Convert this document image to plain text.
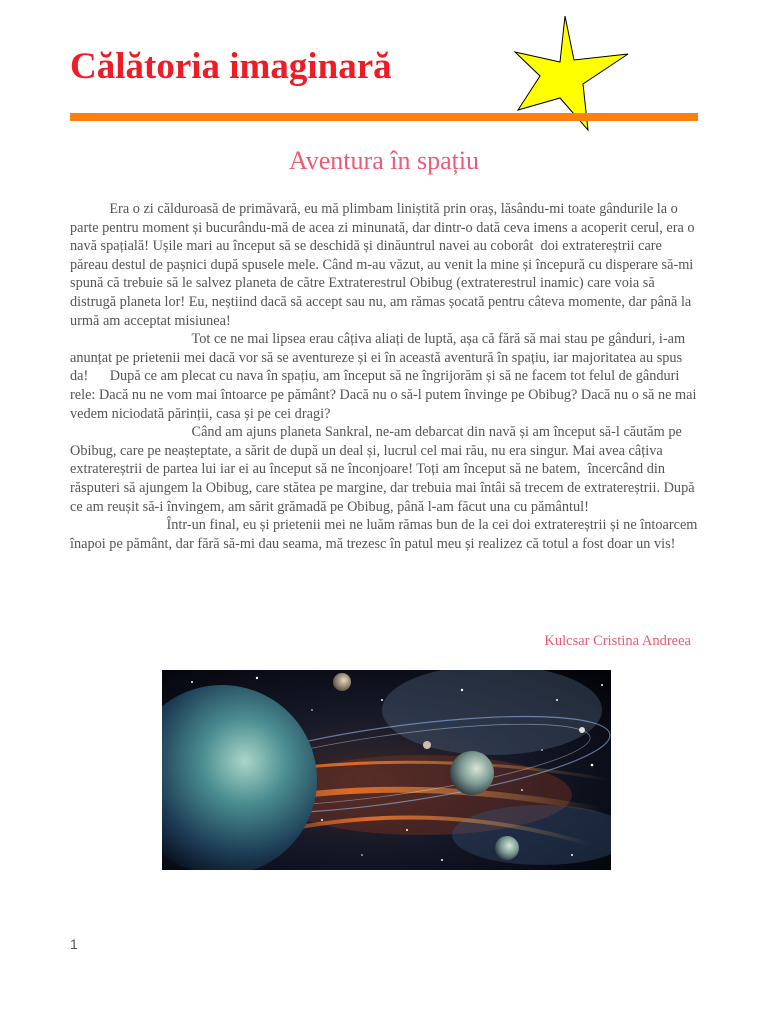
Călătoria imaginară
Aventura în spațiu

Era o zi călduroasă de primăvară, eu mă plimbam liniștită prin oraș, lăsându-mi toate gândurile la o parte pentru moment și bucurându-mă de acea zi minunată, dar dintr-o dată ceva imens a acoperit cerul, era o navă spațială! Ușile mari au început să se deschidă și dinăuntrul navei au coborât  doi extratereștrii care păreau destul de pașnici după spusele mele. Când m-au văzut, au venit la mine și începură cu disperare să-mi spună că trebuie să le salvez planeta de către Extraterestrul Obibug (extraterestrul inamic) care voia să distrugă planeta lor! Eu, neștiind dacă să accept sau nu, am rămas șocată pentru câteva momente, dar până la urmă am acceptat misiunea!

Tot ce ne mai lipsea erau câțiva aliați de luptă, așa că fără să mai stau pe gânduri, i-am anunțat pe prietenii mei dacă vor să se aventureze și ei în această aventură în spațiu, iar majoritatea au spus da!      După ce am plecat cu nava în spațiu, am început să ne îngrijorăm și să ne facem tot felul de gânduri rele: Dacă nu ne vom mai întoarce pe pământ? Dacă nu o să-l putem învinge pe Obibug? Dacă nu o să ne mai vedem niciodată părinții, casa și pe cei dragi?

Când am ajuns planeta Sankral, ne-am debarcat din navă și am început să-l căutăm pe Obibug, care pe neașteptate, a sărit de după un deal și, lucrul cel mai rău, nu era singur. Mai avea câțiva extratereștrii de partea lui iar ei au început să ne înconjoare! Toți am început să ne batem,  încercând din răsputeri să ajungem la Obibug, care stătea pe margine, dar trebuia mai întâi să trecem de extratereștrii. După ce am reușit să-i învingem, am sărit grămadă pe Obibug, până l-am făcut una cu pământul!

Într-un final, eu și prietenii mei ne luăm rămas bun de la cei doi extratereștrii și ne întoarcem înapoi pe pământ, dar fără să-mi dau seama, mă trezesc în patul meu și realizez că totul a fost doar un vis!

Kulcsar Cristina Andreea
1
